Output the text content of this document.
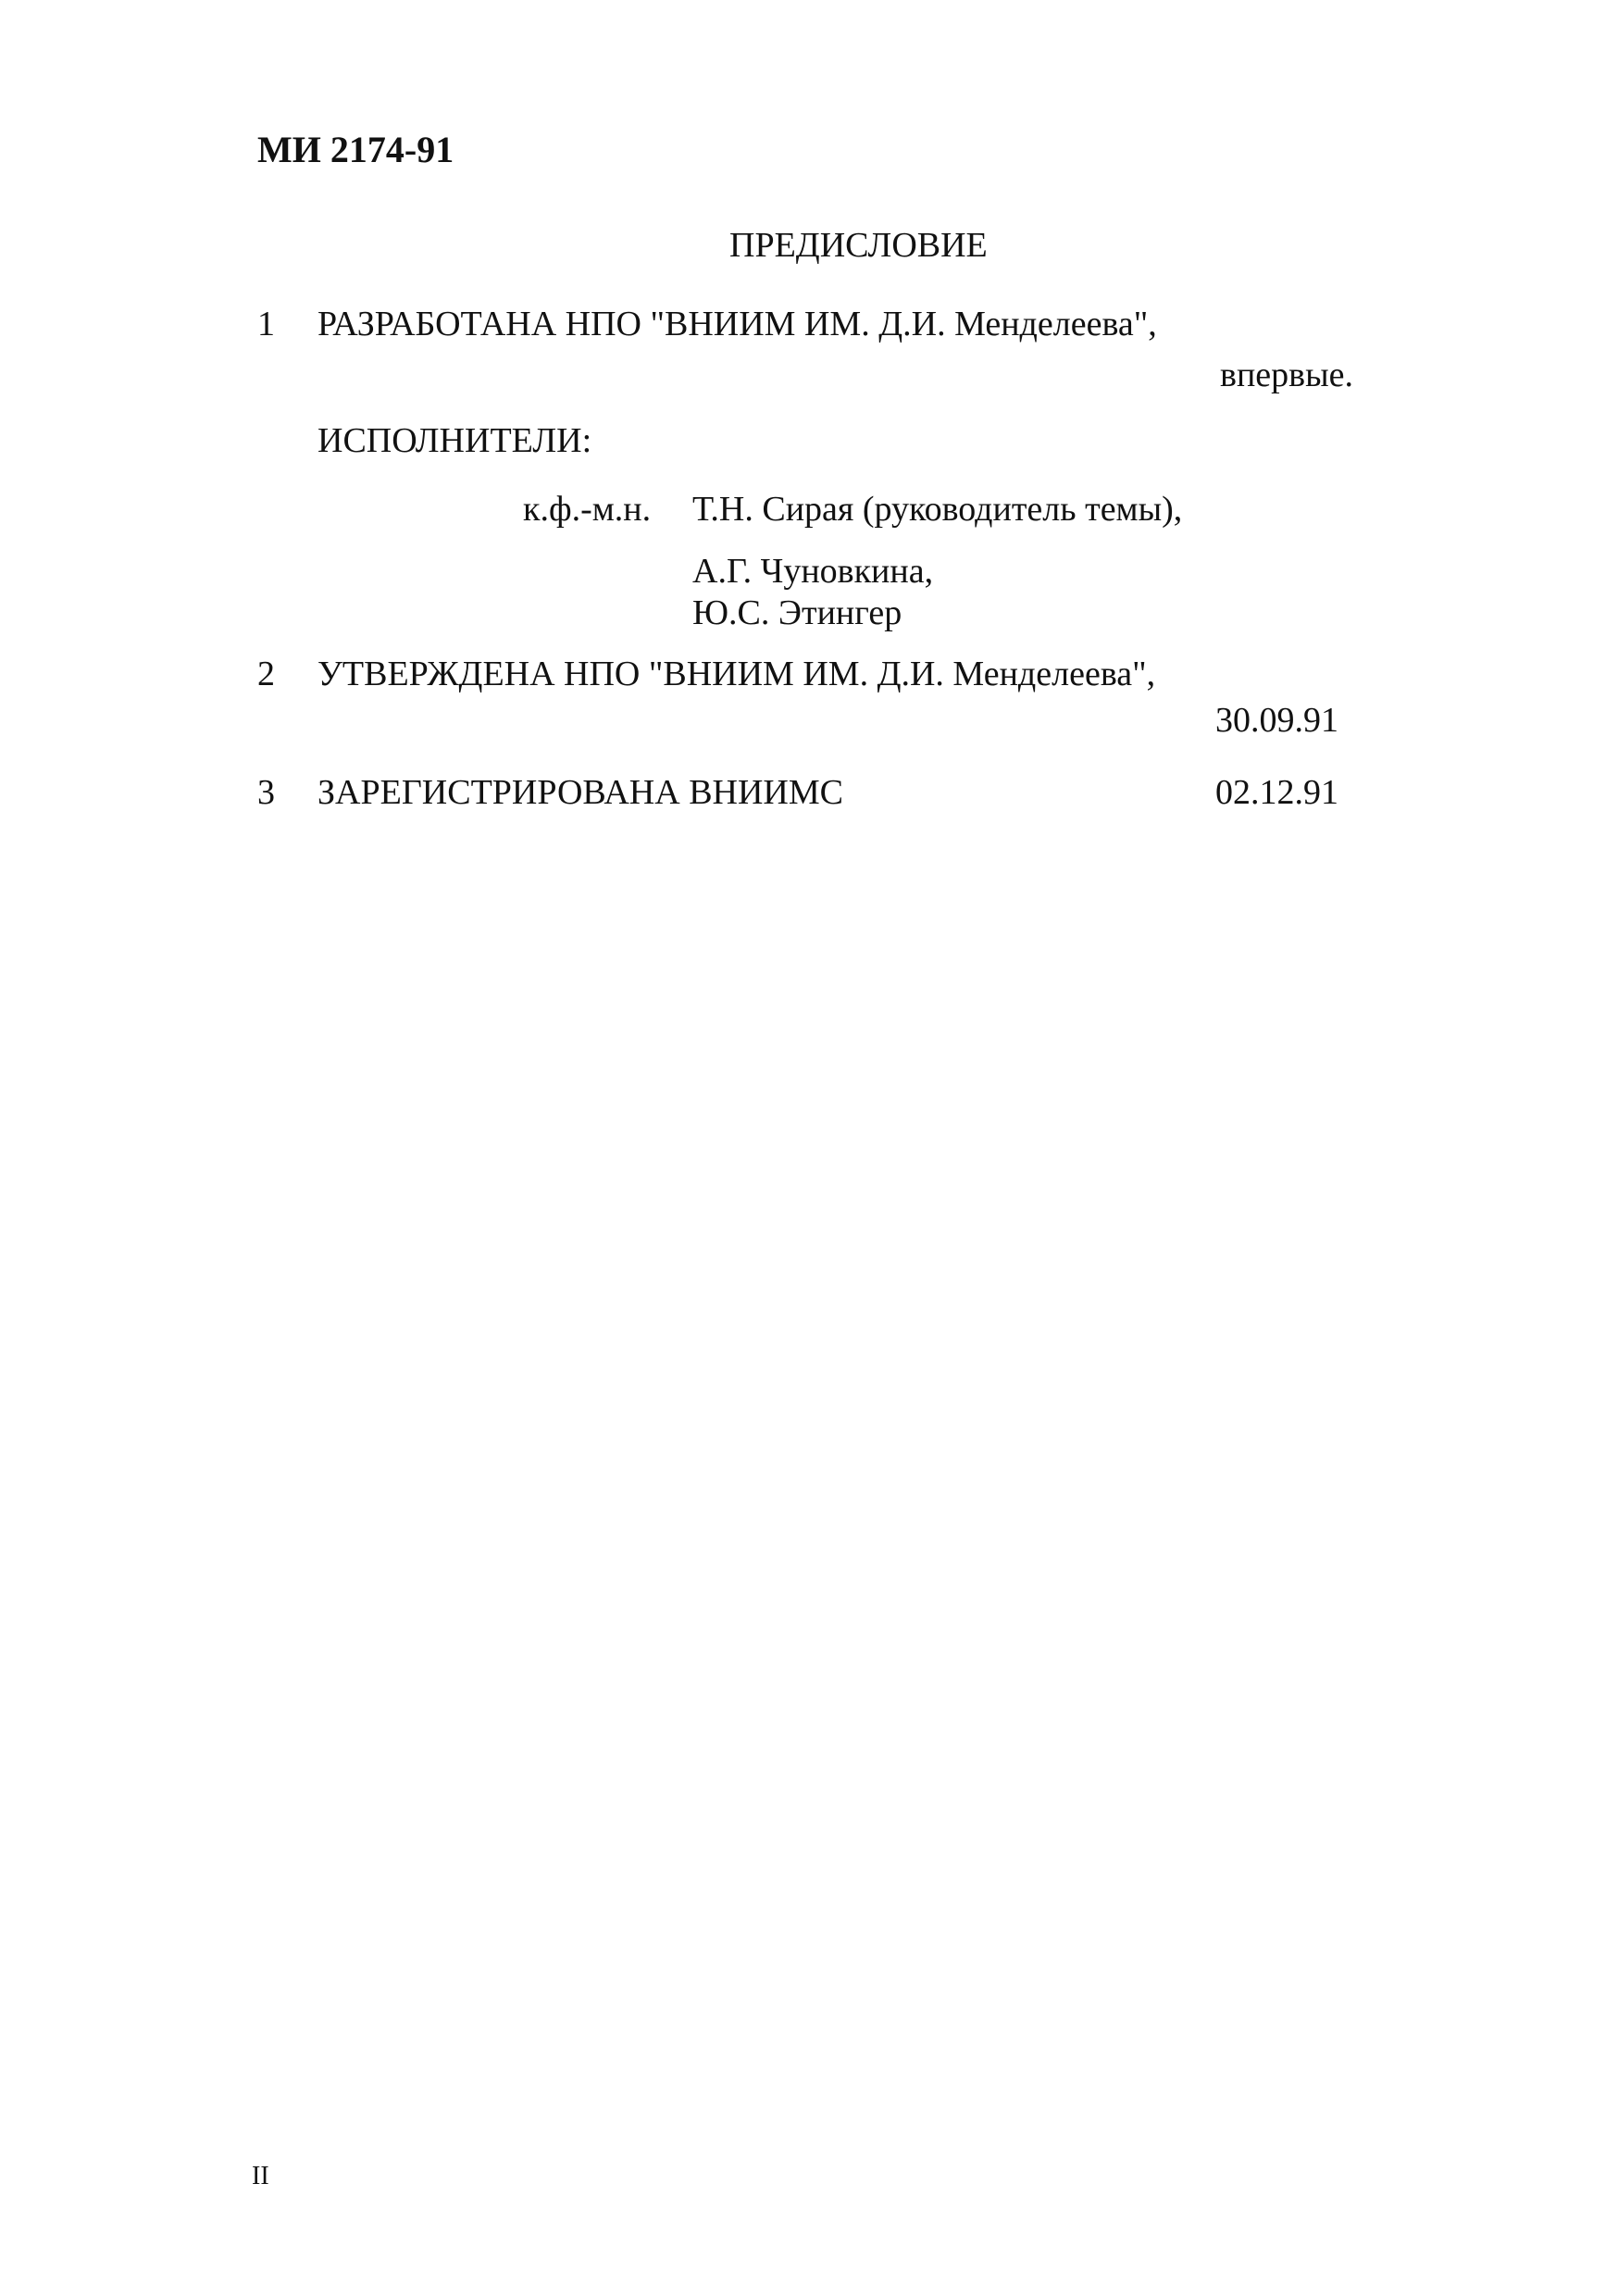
МИ 2174-91
ПРЕДИСЛОВИЕ
1 РАЗРАБОТАНА НПО "ВНИИМ ИМ. Д.И. Менделеева",
впервые.
ИСПОЛНИТЕЛИ:
к.ф.-м.н. Т.Н. Сирая (руководитель темы),
А.Г. Чуновкина,
Ю.С. Этингер
2 УТВЕРЖДЕНА НПО "ВНИИМ ИМ. Д.И. Менделеева",
30.09.91
3 ЗАРЕГИСТРИРОВАНА ВНИИМС	02.12.91
II
